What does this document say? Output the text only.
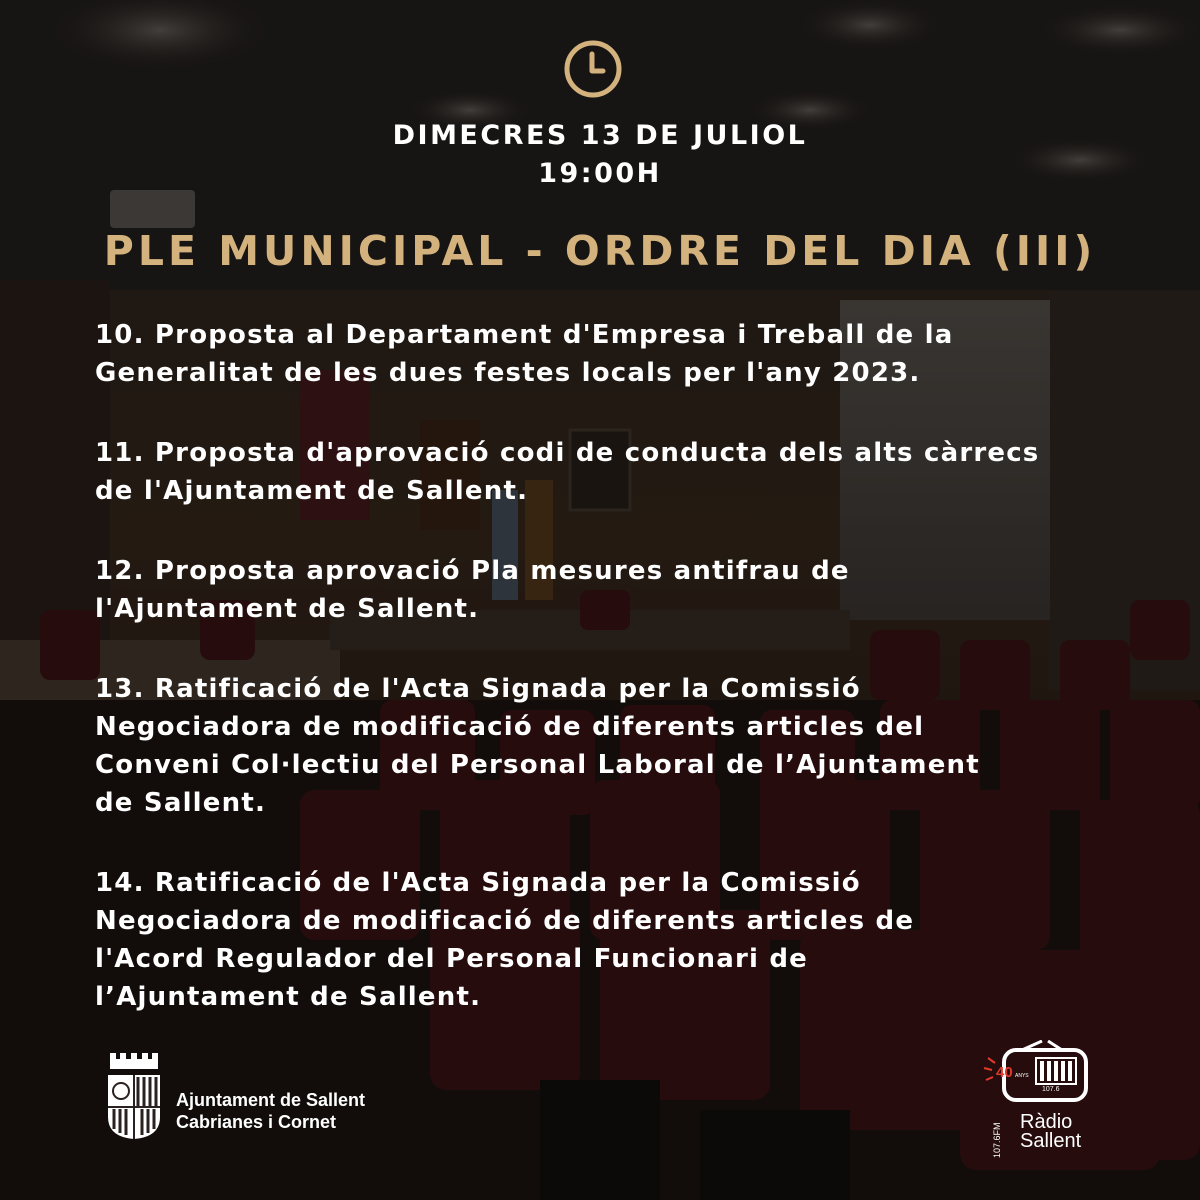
DIMECRES 13 DE JULIOL
19:00H
PLE MUNICIPAL - ORDRE DEL DIA (III)
10. Proposta al Departament d'Empresa i Treball de la
Generalitat de les dues festes locals per l'any 2023.
11. Proposta d'aprovació codi de conducta dels alts càrrecs
de l'Ajuntament de Sallent.
12. Proposta aprovació Pla mesures antifrau de
l'Ajuntament de Sallent.
13. Ratificació de l'Acta Signada per la Comissió
Negociadora de modificació de diferents articles del
Conveni Col·lectiu del Personal Laboral de l’Ajuntament
de Sallent.
14. Ratificació de l'Acta Signada per la Comissió
Negociadora de modificació de diferents articles de
l'Acord Regulador del Personal Funcionari de
l’Ajuntament de Sallent.
Ajuntament de Sallent
Cabrianes i Cornet
40 ANYS
107.6
107.6FM
Ràdio
Sallent
